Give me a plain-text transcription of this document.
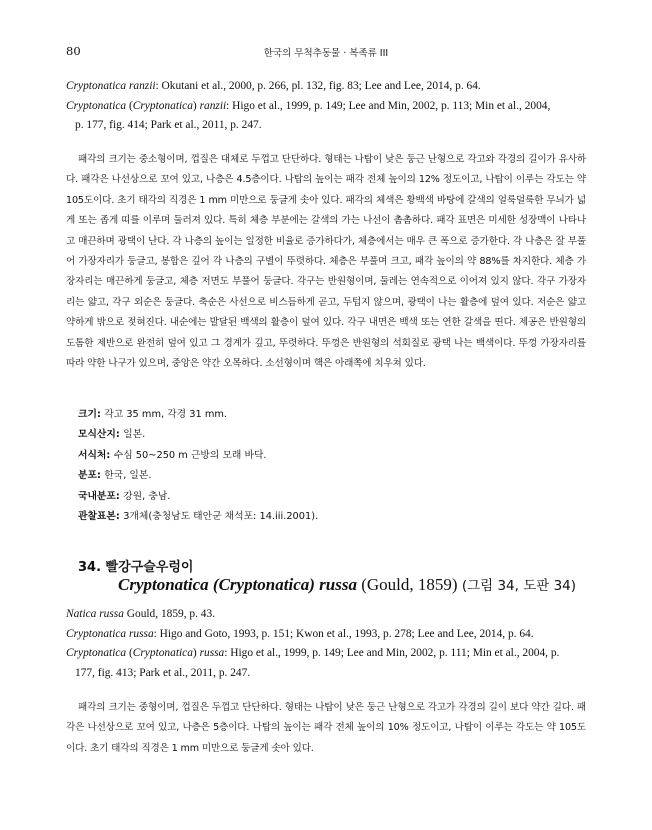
80	한국의 무척추동물 · 복족류 III
Cryptonatica ranzii: Okutani et al., 2000, p. 266, pl. 132, fig. 83; Lee and Lee, 2014, p. 64.
Cryptonatica (Cryptonatica) ranzii: Higo et al., 1999, p. 149; Lee and Min, 2002, p. 113; Min et al., 2004,
p. 177, fig. 414; Park et al., 2011, p. 247.
패각의 크기는 중소형이며, 껍질은 대체로 두껍고 단단하다. 형태는 나탑이 낮은 둥근 난형으로 각고와 각경의 길이가 유사하다. 패각은 나선상으로 꼬여 있고, 나층은 4.5층이다. 나탑의 높이는 패각 전체 높이의 12% 정도이고, 나탑이 이루는 각도는 약 105도이다. 초기 태각의 직경은 1 mm 미만으로 둥글게 솟아 있다. 패각의 체색은 황백색 바탕에 갈색의 얼룩덜룩한 무늬가 넓게 또는 좁게 띠를 이루며 둘러져 있다. 특히 체층 부분에는 갈색의 가는 나선이 촘촘하다. 패각 표면은 미세한 성장맥이 나타나고 매끈하며 광택이 난다. 각 나층의 높이는 일정한 비율로 증가하다가, 체층에서는 매우 큰 폭으로 증가한다. 각 나층은 잘 부풀어 가장자리가 둥글고, 봉합은 깊어 각 나층의 구별이 뚜렷하다. 체층은 부풀며 크고, 패각 높이의 약 88%를 차지한다. 체층 가장자리는 매끈하게 둥글고, 체층 저면도 부풀어 둥글다. 각구는 반원형이며, 둘레는 연속적으로 이어져 있지 않다. 각구 가장자리는 얇고, 각구 외순은 둥글다. 축순은 사선으로 비스듬하게 곧고, 두텁지 않으며, 광택이 나는 활층에 덮여 있다. 저순은 얇고 약하게 밖으로 젖혀진다. 내순에는 발달된 백색의 활층이 덮여 있다. 각구 내면은 백색 또는 연한 갈색을 띤다. 제공은 반원형의 도톰한 제반으로 완전히 덮여 있고 그 경계가 깊고, 뚜렷하다. 뚜껑은 반원형의 석회질로 광택 나는 백색이다. 뚜껑 가장자리를 따라 약한 나구가 있으며, 중앙은 약간 오목하다. 소선형이며 핵은 아래쪽에 치우쳐 있다.
크기: 각고 35 mm, 각경 31 mm.
모식산지: 일본.
서식처: 수심 50~250 m 근방의 모래 바닥.
분포: 한국, 일본.
국내분포: 강원, 충남.
관찰표본: 3개체(충청남도 태안군 채석포: 14.iii.2001).
34. 빨강구슬우렁이
Cryptonatica (Cryptonatica) russa (Gould, 1859) (그림 34, 도판 34)
Natica russa Gould, 1859, p. 43.
Cryptonatica russa: Higo and Goto, 1993, p. 151; Kwon et al., 1993, p. 278; Lee and Lee, 2014, p. 64.
Cryptonatica (Cryptonatica) russa: Higo et al., 1999, p. 149; Lee and Min, 2002, p. 111; Min et al., 2004, p.
177, fig. 413; Park et al., 2011, p. 247.
패각의 크기는 중형이며, 껍질은 두껍고 단단하다. 형태는 나탑이 낮은 둥근 난형으로 각고가 각경의 길이 보다 약간 길다. 패각은 나선상으로 꼬여 있고, 나층은 5층이다. 나탑의 높이는 패각 전체 높이의 10% 정도이고, 나탑이 이루는 각도는 약 105도이다. 초기 태각의 직경은 1 mm 미만으로 둥글게 솟아 있다.
